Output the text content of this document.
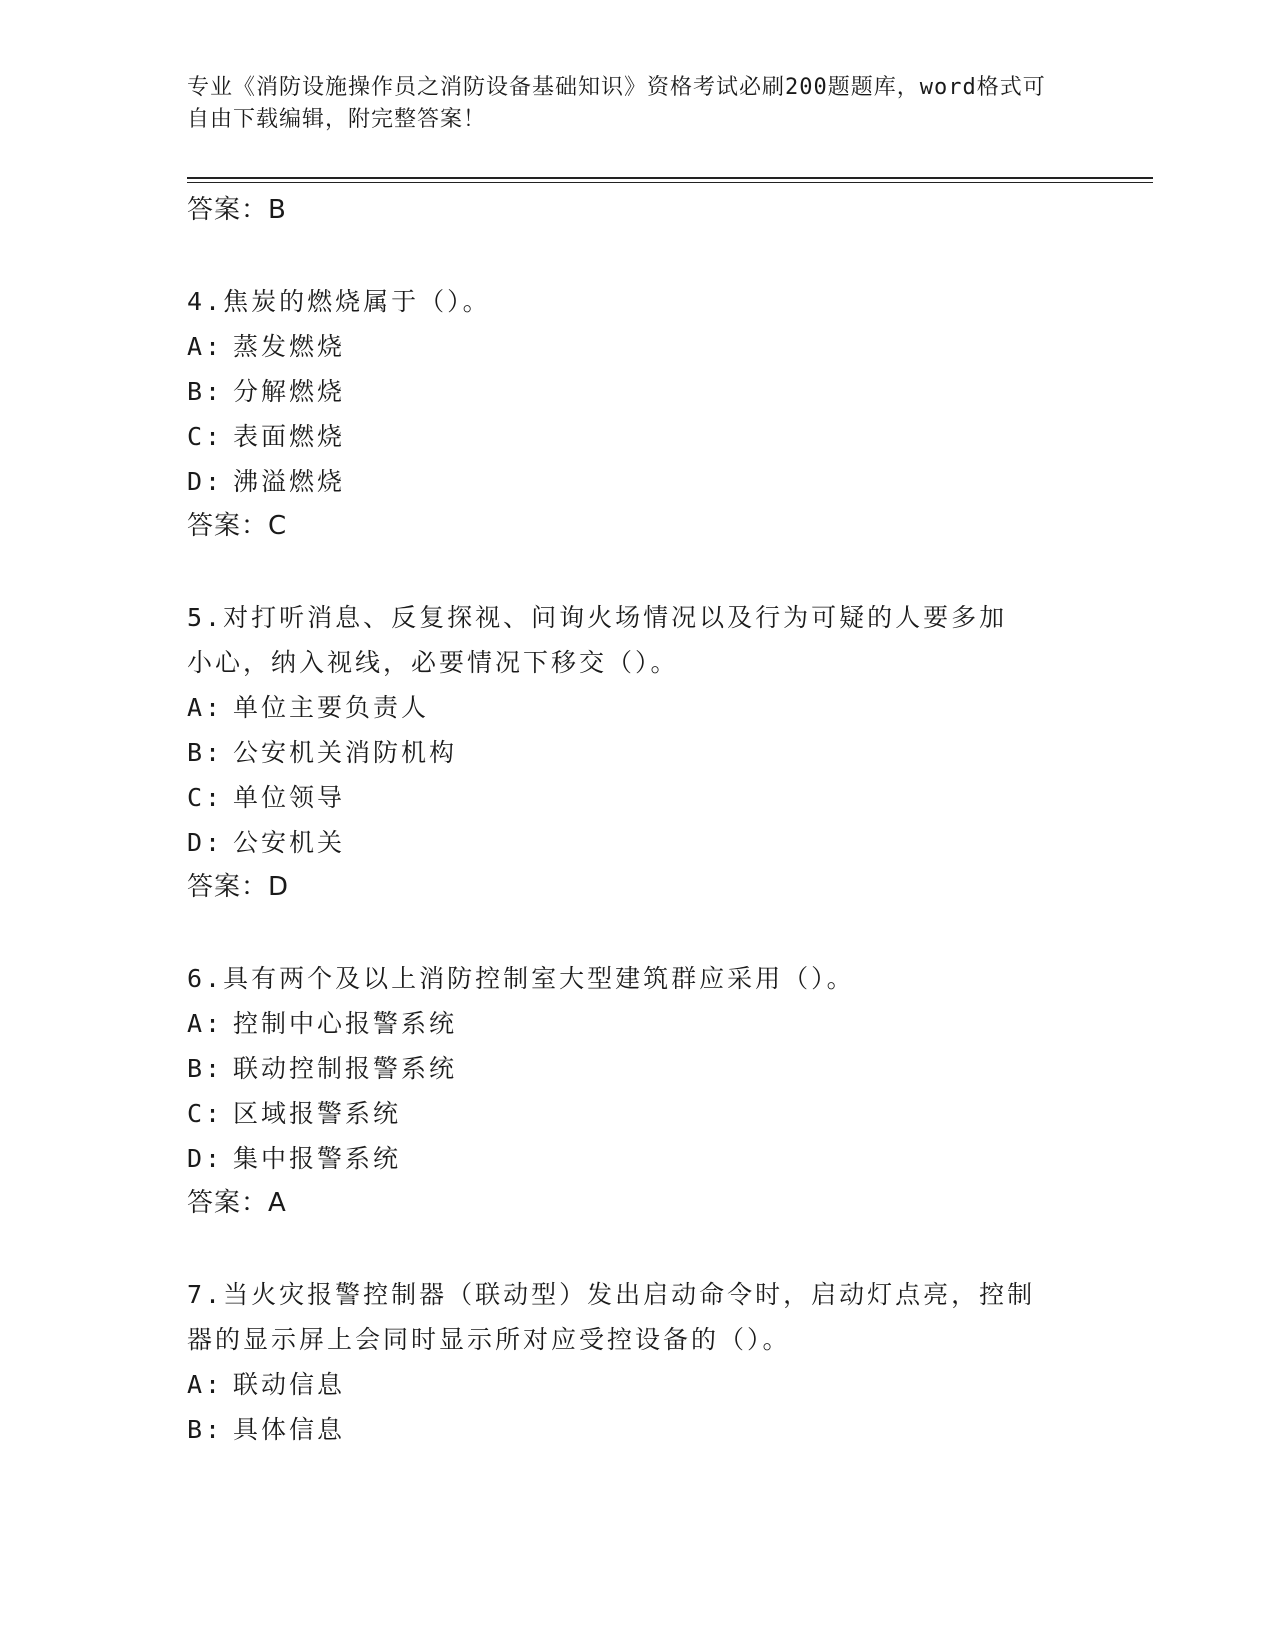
专业《消防设施操作员之消防设备基础知识》资格考试必刷200题题库，word格式可自由下载编辑，附完整答案！
答案：B
4.焦炭的燃烧属于（）。
A: 蒸发燃烧
B: 分解燃烧
C: 表面燃烧
D: 沸溢燃烧
答案：C
5.对打听消息、反复探视、问询火场情况以及行为可疑的人要多加小心，纳入视线，必要情况下移交（）。
A: 单位主要负责人
B: 公安机关消防机构
C: 单位领导
D: 公安机关
答案：D
6.具有两个及以上消防控制室大型建筑群应采用（）。
A: 控制中心报警系统
B: 联动控制报警系统
C: 区域报警系统
D: 集中报警系统
答案：A
7.当火灾报警控制器（联动型）发出启动命令时，启动灯点亮，控制器的显示屏上会同时显示所对应受控设备的（）。
A: 联动信息
B: 具体信息
